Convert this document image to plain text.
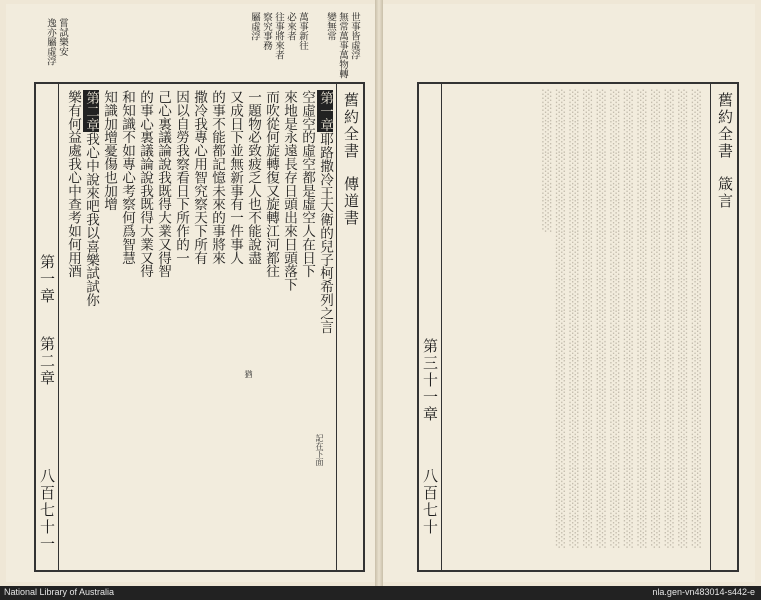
世事皆虛浮
無常萬事萬物轉
變無常
萬事新往
必來者
往事將來者
察究事務
屬虛浮
嘗試樂安
逸亦屬虛浮
舊約全書
傳道書
第一章耶路撒冷王大衛的兒子柯希列之言
空虛空的虛空都是虛空人在日下
來地是永遠長存日頭出來日頭落下
而吹從何旋轉復又旋轉江河都往
一題物必致疲乏人也不能說盡
又成日下並無新事有一件事人
的事不能都記憶未來的事將來
撒冷我專心用智究察天下所有
因以自勞我察看日下所作的一
己心裏議論說我既得大業又得智
的事心裏議論說我既得大業又得
和知識不如專心考察何爲智慧
知識加增憂傷也加增
第二章我心中說來吧我以喜樂試試你
樂有何益處我心中查考如何用酒
記在下面
猶
第一章
第二章
八百七十一
舊約全書
箴言
░░░░░░░░░░░░░░░░░░░░░░░░░░░░░░░░░░░░░░░░░░░░░░░░░░░░░░░░░░░░░░░░░░░░░░░░░░░░░░░░░░░░░░░░░░░░░░░░░░░░░░░░░░░░░░░░░░░░░░░░░░░░░░░░░░░░░░░░░░░░░░░░░░░░░░░░░░░░░░░░░░░░░░░░░░░░░░░░░░░░░░░░░░░░░░░░░░░░░░░░░░░░░░░░░░░░░░░░░░░░░░░░░░░░░░░░░░░░░░░░░░░░░░░░░░░░░░░░░░░░░░░░░░░░░░░░░░░░░░░░░░░░░░░░░░░░░░░░░░░░░░░░░░░░░░░░░░░░░░░░░░░░░░░░
第三十一章
八百七十
National Library of Australia	nla.gen-vn483014-s442-e
